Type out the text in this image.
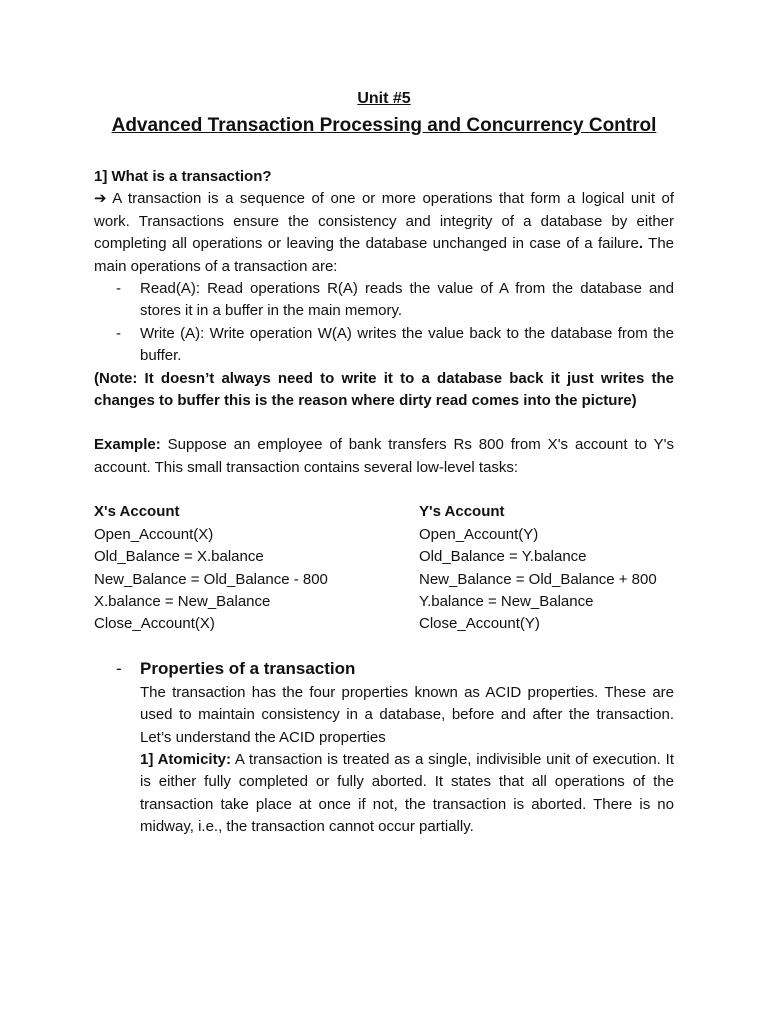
Unit #5
Advanced Transaction Processing and Concurrency Control
1] What is a transaction?
➔ A transaction is a sequence of one or more operations that form a logical unit of work. Transactions ensure the consistency and integrity of a database by either completing all operations or leaving the database unchanged in case of a failure. The main operations of a transaction are:
- Read(A): Read operations R(A) reads the value of A from the database and stores it in a buffer in the main memory.
- Write (A): Write operation W(A) writes the value back to the database from the buffer.
(Note: It doesn’t always need to write it to a database back it just writes the changes to buffer this is the reason where dirty read comes into the picture)
Example: Suppose an employee of bank transfers Rs 800 from X's account to Y's account. This small transaction contains several low-level tasks:
X's Account
Open_Account(X)
Old_Balance = X.balance
New_Balance = Old_Balance - 800
X.balance = New_Balance
Close_Account(X)
Y's Account
Open_Account(Y)
Old_Balance = Y.balance
New_Balance = Old_Balance + 800
Y.balance = New_Balance
Close_Account(Y)
- Properties of a transaction

The transaction has the four properties known as ACID properties. These are used to maintain consistency in a database, before and after the transaction. Let’s understand the ACID properties

1] Atomicity: A transaction is treated as a single, indivisible unit of execution. It is either fully completed or fully aborted. It states that all operations of the transaction take place at once if not, the transaction is aborted. There is no midway, i.e., the transaction cannot occur partially.
